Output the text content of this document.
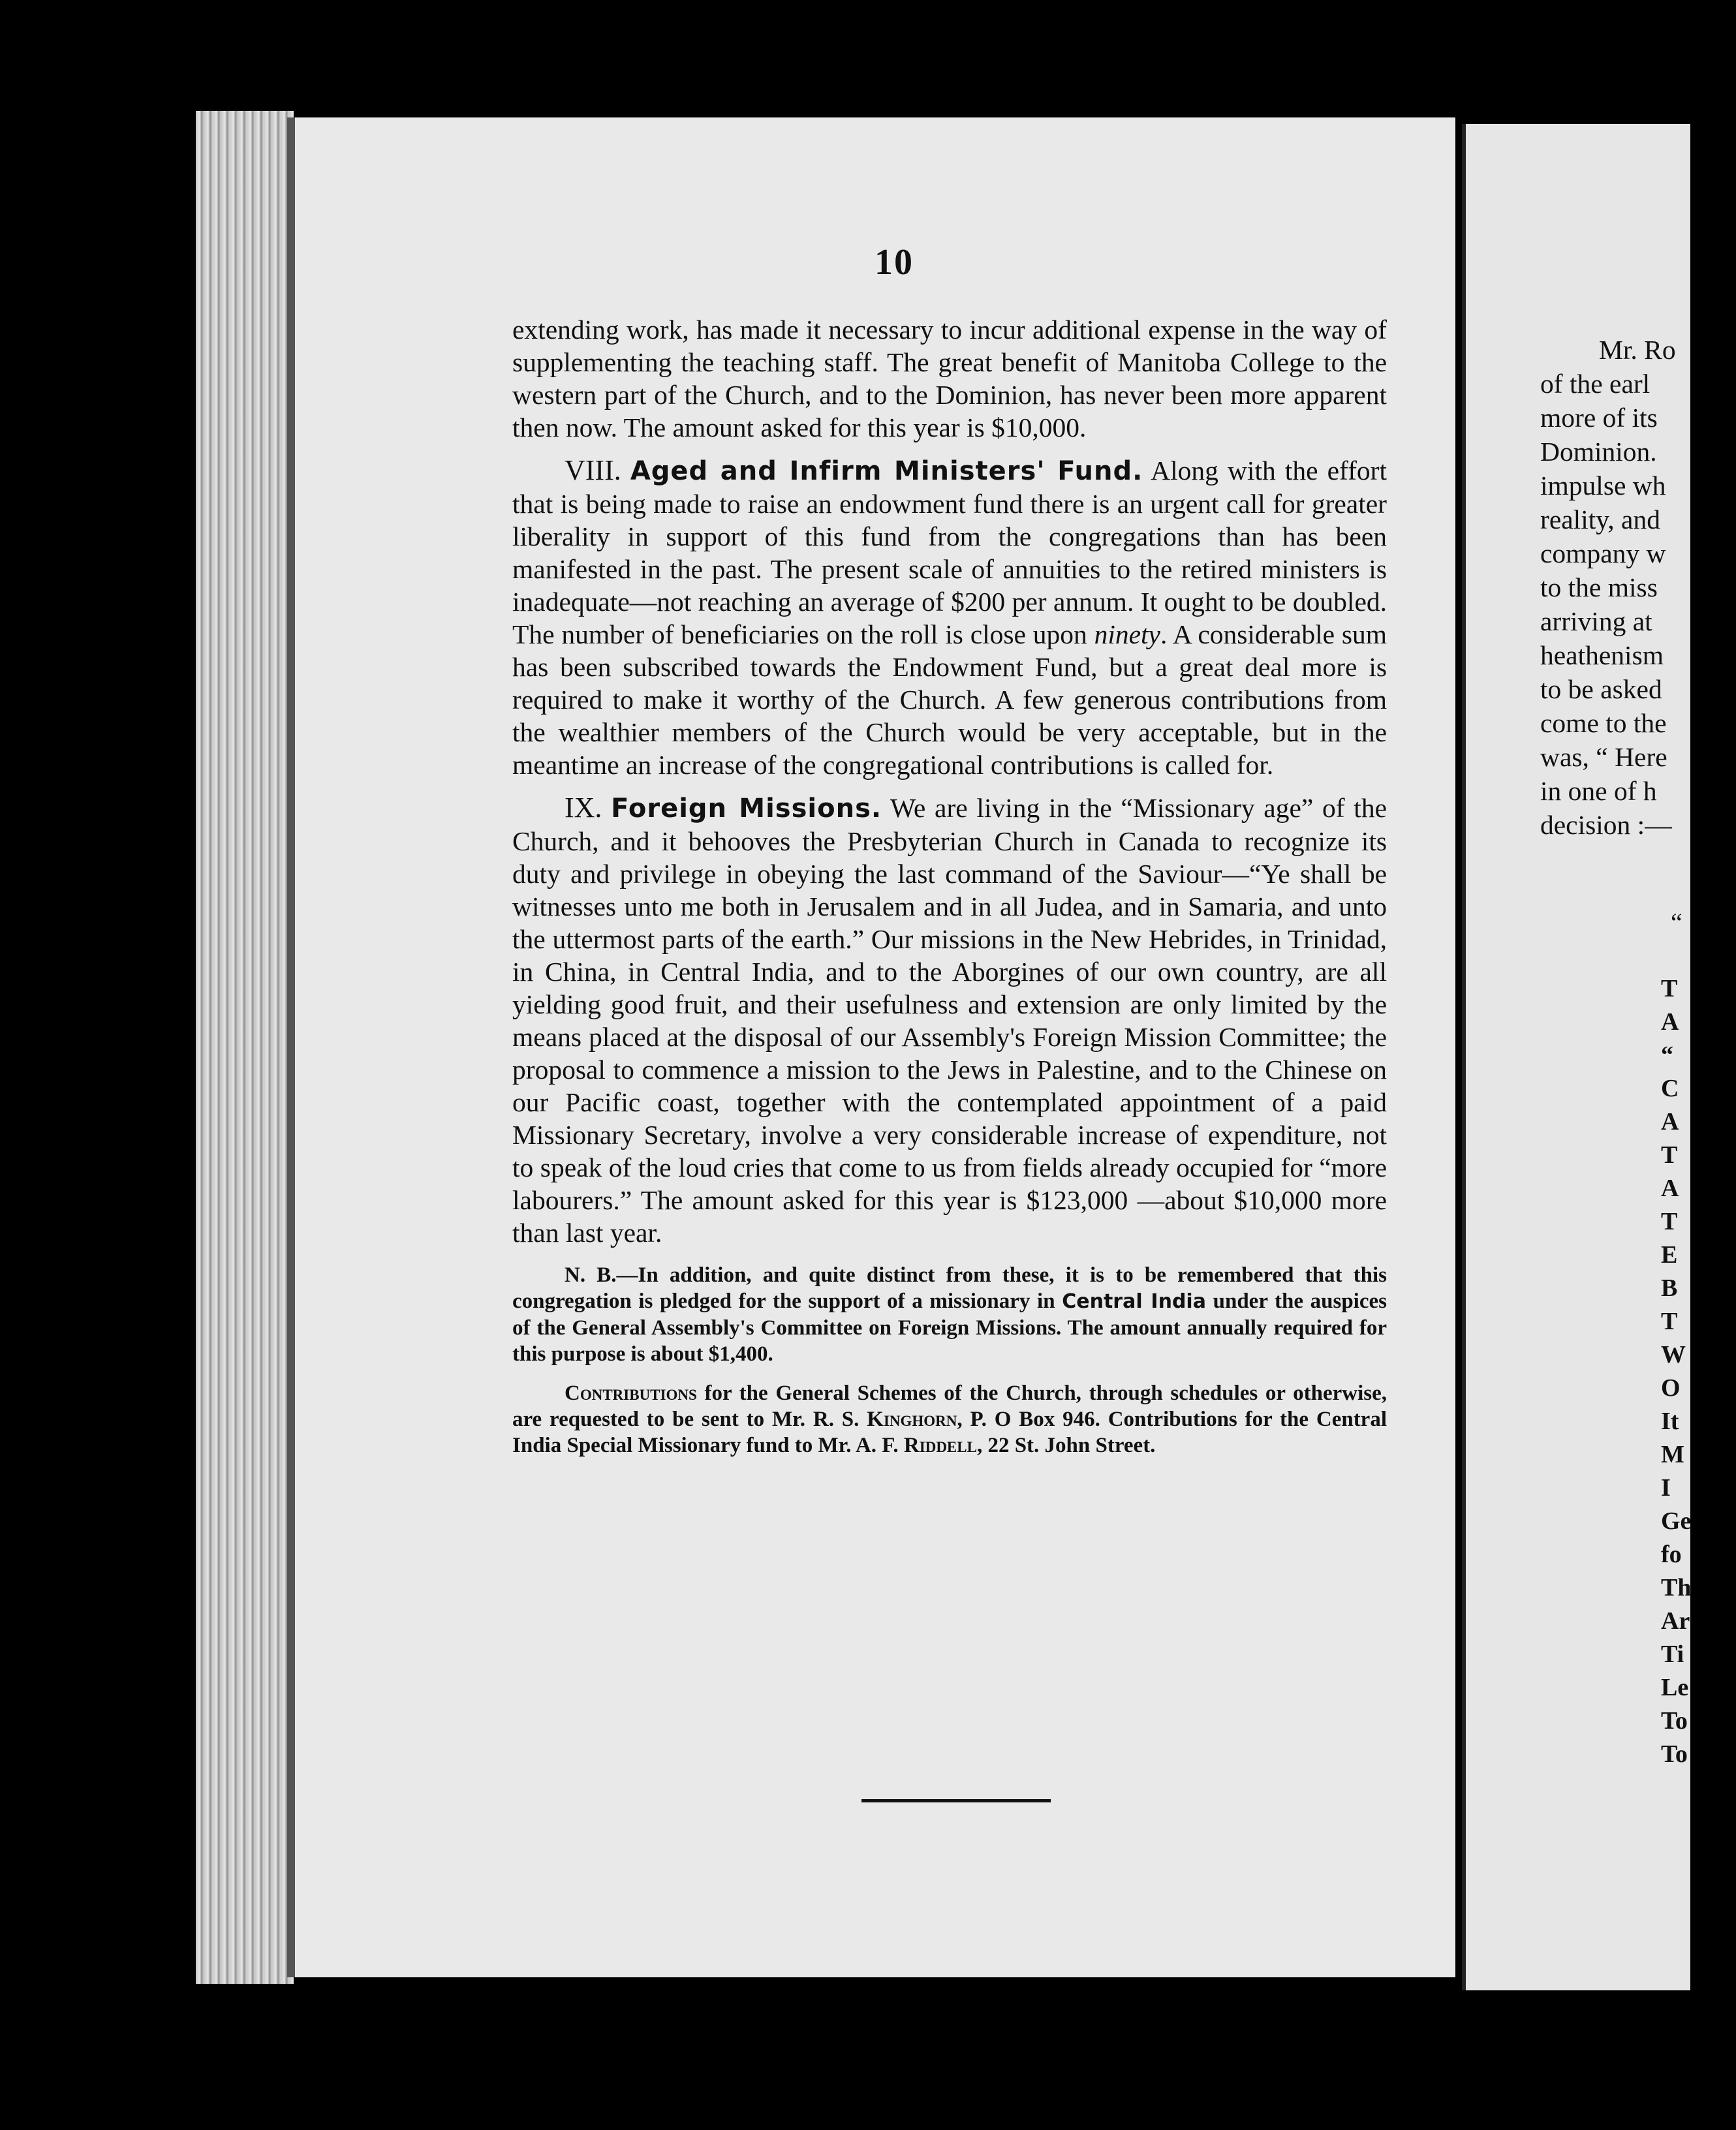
10

extending work, has made it necessary to incur additional expense in the way of supplementing the teaching staff. The great benefit of Manitoba College to the western part of the Church, and to the Dominion, has never been more apparent then now. The amount asked for this year is $10,000.

VIII. Aged and Infirm Ministers' Fund. Along with the effort that is being made to raise an endowment fund there is an urgent call for greater liberality in support of this fund from the congregations than has been manifested in the past. The present scale of annuities to the retired ministers is inadequate—not reaching an average of $200 per annum. It ought to be doubled. The number of beneficiaries on the roll is close upon ninety. A considerable sum has been subscribed towards the Endowment Fund, but a great deal more is required to make it worthy of the Church. A few generous contributions from the wealthier members of the Church would be very acceptable, but in the meantime an increase of the congregational contributions is called for.

IX. Foreign Missions. We are living in the “Missionary age” of the Church, and it behooves the Presbyterian Church in Canada to recognize its duty and privilege in obeying the last command of the Saviour—“Ye shall be witnesses unto me both in Jerusalem and in all Judea, and in Samaria, and unto the uttermost parts of the earth.” Our missions in the New Hebrides, in Trinidad, in China, in Central India, and to the Aborgines of our own country, are all yielding good fruit, and their usefulness and extension are only limited by the means placed at the disposal of our Assembly's Foreign Mission Committee; the proposal to commence a mission to the Jews in Palestine, and to the Chinese on our Pacific coast, together with the contemplated appointment of a paid Missionary Secretary, involve a very considerable increase of expenditure, not to speak of the loud cries that come to us from fields already occupied for “more labourers.” The amount asked for this year is $123,000 —about $10,000 more than last year.

N. B.—In addition, and quite distinct from these, it is to be remembered that this congregation is pledged for the support of a missionary in Central India under the auspices of the General Assembly's Committee on Foreign Missions. The amount annually required for this purpose is about $1,400.

Contributions for the General Schemes of the Church, through schedules or otherwise, are requested to be sent to Mr. R. S. Kinghorn, P. O Box 946. Contributions for the Central India Special Missionary fund to Mr. A. F. Riddell, 22 St. John Street.

Mr. Ro
of the earl
more of its
Dominion.
impulse wh
reality, and
company w
to the miss
arriving at
heathenism
to be asked
come to the
was, “ Here
in one of h
decision :—
“
T
A
“
C
A
T
A
T
E
B
T
W
O
It
M
I
Ge
fo
Th
Ar
Ti
Le
To
To
